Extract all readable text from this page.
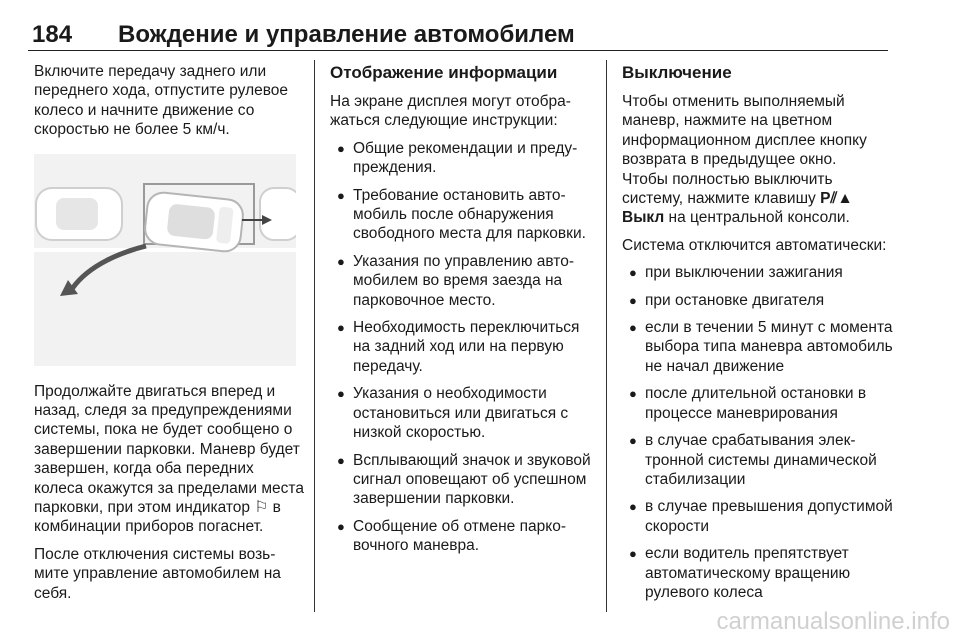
184 Вождение и управление автомобилем

Включите передачу заднего или переднего хода, отпустите рулевое колесо и начните движение со скоростью не более 5 км/ч.

Продолжайте двигаться вперед и назад, следя за предупреждениями системы, пока не будет сообщено о завершении парковки. Маневр будет завершен, когда оба передних колеса окажутся за пределами места парковки, при этом индикатор ⚐ в комбинации приборов погаснет.

После отключения системы возьмите управление автомобилем на себя.

Отображение информации

На экране дисплея могут отображаться следующие инструкции:

● Общие рекомендации и предупреждения.
● Требование остановить автомобиль после обнаружения свободного места для парковки.
● Указания по управлению автомобилем во время заезда на парковочное место.
● Необходимость переключиться на задний ход или на первую передачу.
● Указания о необходимости остановиться или двигаться с низкой скоростью.
● Всплывающий значок и звуковой сигнал оповещают об успешном завершении парковки.
● Сообщение об отмене парковочного маневра.
Выключение

Чтобы отменить выполняемый маневр, нажмите на цветном информационном дисплее кнопку возврата в предыдущее окно.

Чтобы полностью выключить систему, нажмите клавишу P⫽▲
Выкл на центральной консоли.

Система отключится автоматически:

● при выключении зажигания
● при остановке двигателя
● если в течении 5 минут с момента выбора типа маневра автомобиль не начал движение
● после длительной остановки в процессе маневрирования
● в случае срабатывания электронной системы динамической стабилизации
● в случае превышения допустимой скорости
● если водитель препятствует автоматическому вращению рулевого колеса
carmanualsonline.info
